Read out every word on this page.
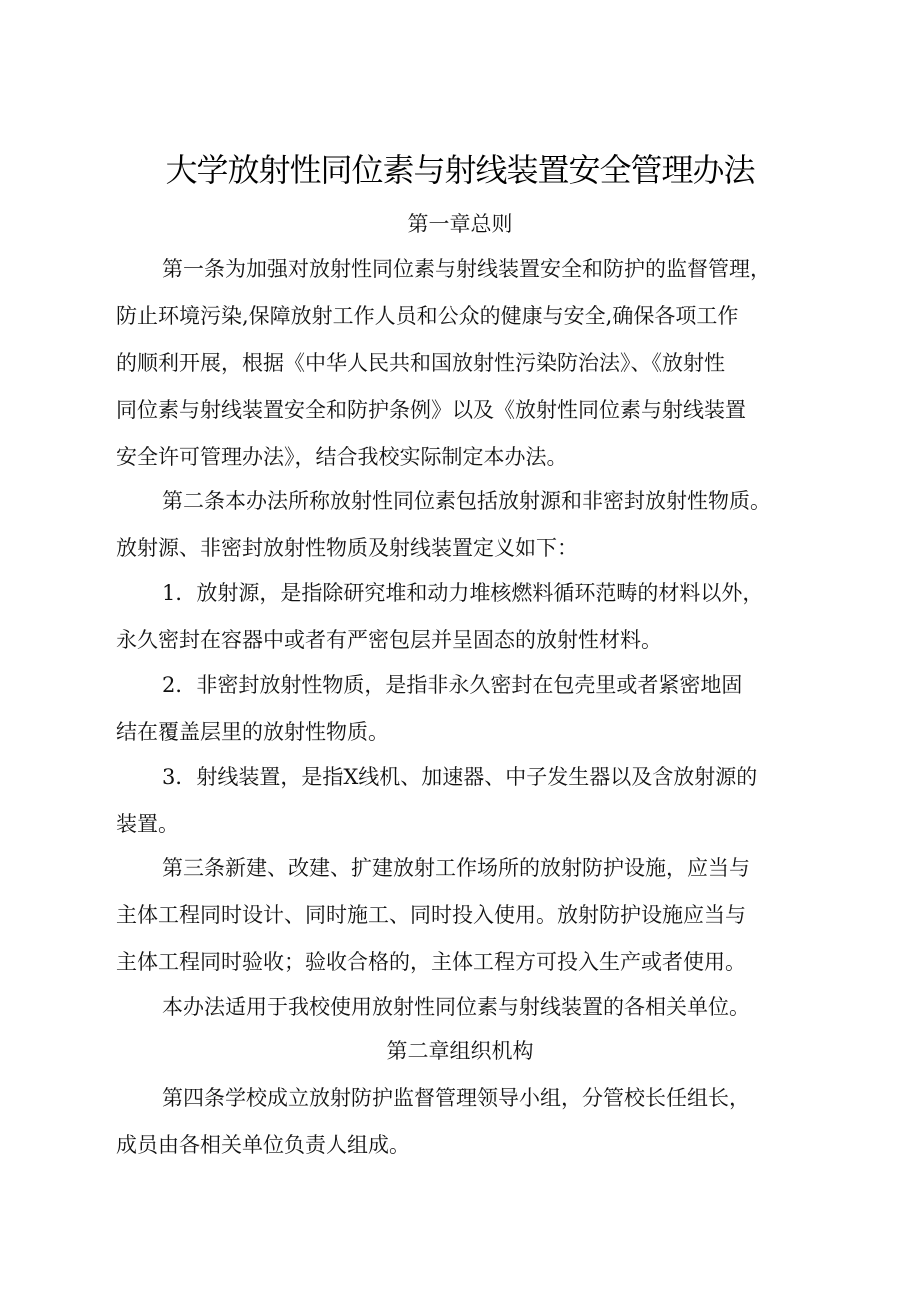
大学放射性同位素与射线装置安全管理办法
第一章总则
第一条为加强对放射性同位素与射线装置安全和防护的监督管理，
防止环境污染,保障放射工作人员和公众的健康与安全,确保各项工作
的顺利开展，根据《中华人民共和国放射性污染防治法》、《放射性
同位素与射线装置安全和防护条例》以及《放射性同位素与射线装置
安全许可管理办法》，结合我校实际制定本办法。
第二条本办法所称放射性同位素包括放射源和非密封放射性物质。
放射源、非密封放射性物质及射线装置定义如下：
1．放射源，是指除研究堆和动力堆核燃料循环范畴的材料以外，
永久密封在容器中或者有严密包层并呈固态的放射性材料。
2．非密封放射性物质，是指非永久密封在包壳里或者紧密地固
结在覆盖层里的放射性物质。
3．射线装置，是指X线机、加速器、中子发生器以及含放射源的
装置。
第三条新建、改建、扩建放射工作场所的放射防护设施，应当与
主体工程同时设计、同时施工、同时投入使用。放射防护设施应当与
主体工程同时验收；验收合格的，主体工程方可投入生产或者使用。
本办法适用于我校使用放射性同位素与射线装置的各相关单位。
第二章组织机构
第四条学校成立放射防护监督管理领导小组，分管校长任组长，
成员由各相关单位负责人组成。
